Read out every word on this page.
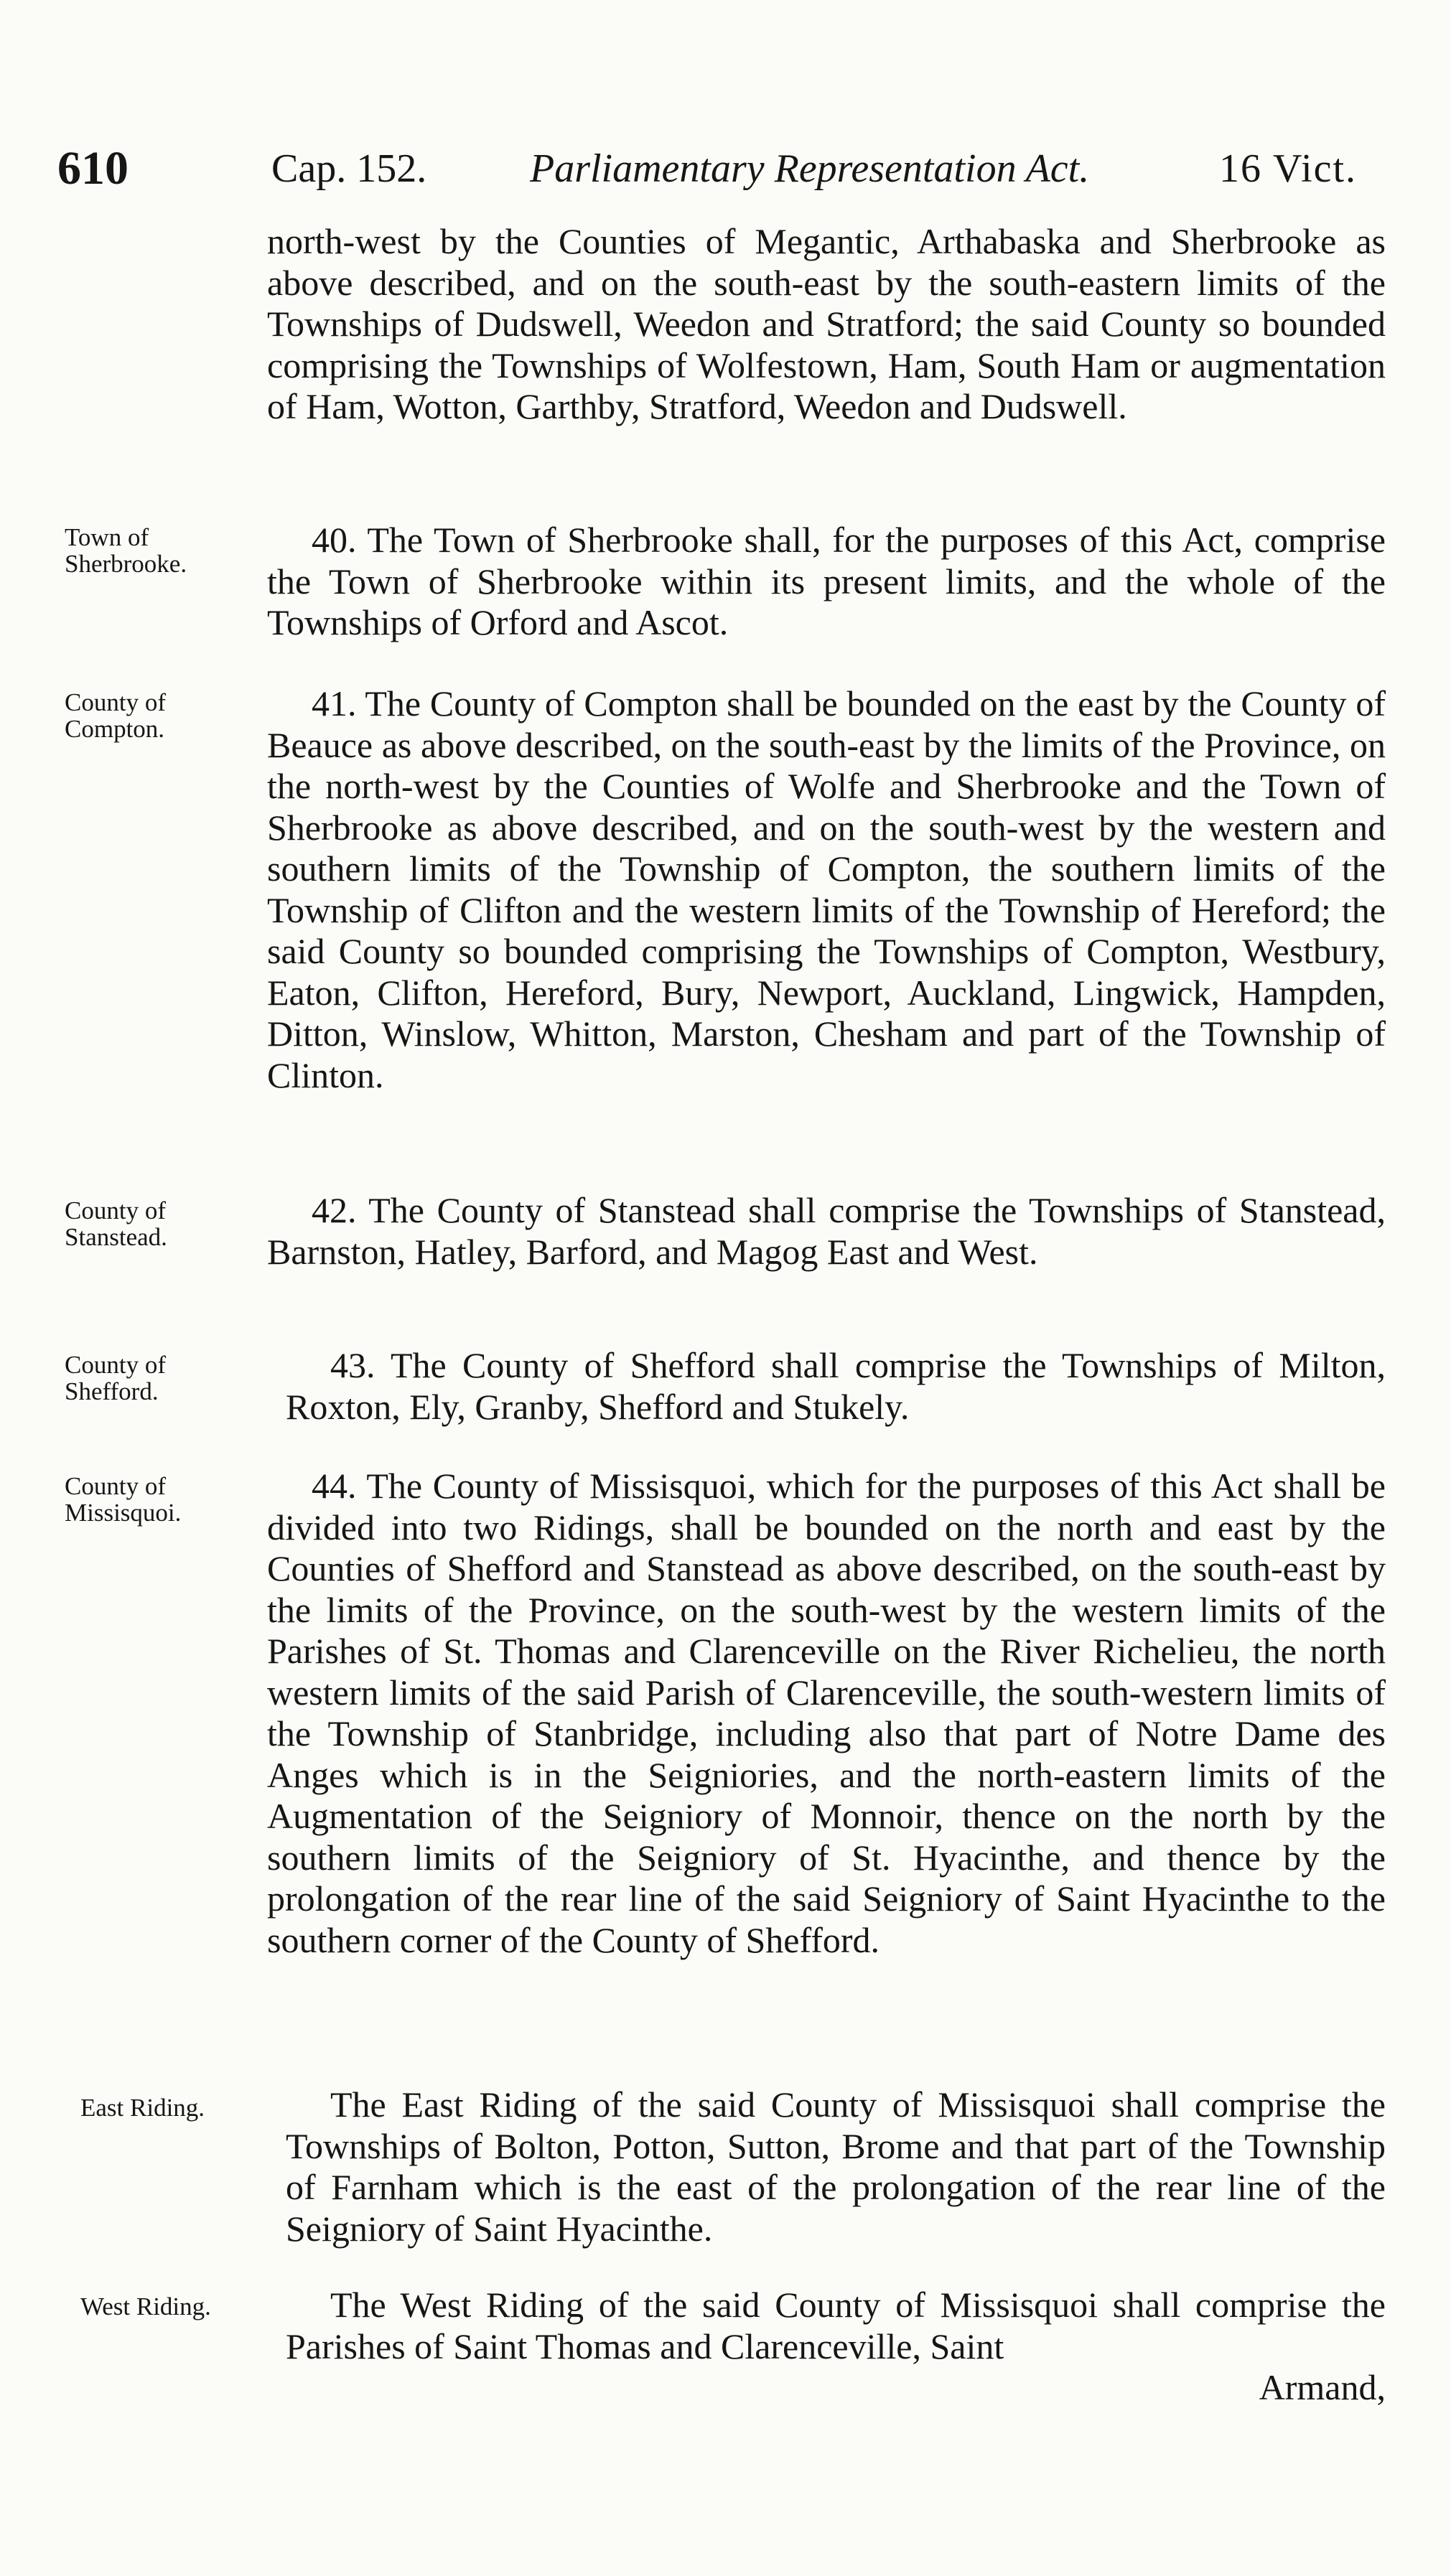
610	Cap. 152.	Parliamentary Representation Act.	16 Vict.

north-west by the Counties of Megantic, Arthabaska and Sherbrooke as above described, and on the south-east by the south-eastern limits of the Townships of Dudswell, Weedon and Stratford; the said County so bounded comprising the Townships of Wolfestown, Ham, South Ham or augmentation of Ham, Wotton, Garthby, Stratford, Weedon and Dudswell.

Town of
Sherbrooke.

40. The Town of Sherbrooke shall, for the purposes of this Act, comprise the Town of Sherbrooke within its present limits, and the whole of the Townships of Orford and Ascot.

County of
Compton.

41. The County of Compton shall be bounded on the east by the County of Beauce as above described, on the south-east by the limits of the Province, on the north-west by the Counties of Wolfe and Sherbrooke and the Town of Sherbrooke as above described, and on the south-west by the western and southern limits of the Township of Compton, the southern limits of the Township of Clifton and the western limits of the Township of Hereford; the said County so bounded comprising the Townships of Compton, Westbury, Eaton, Clifton, Hereford, Bury, Newport, Auckland, Lingwick, Hampden, Ditton, Winslow, Whitton, Marston, Chesham and part of the Township of Clinton.

County of
Stanstead.

42. The County of Stanstead shall comprise the Townships of Stanstead, Barnston, Hatley, Barford, and Magog East and West.

County of
Shefford.

43. The County of Shefford shall comprise the Townships of Milton, Roxton, Ely, Granby, Shefford and Stukely.

County of
Missisquoi.

44. The County of Missisquoi, which for the purposes of this Act shall be divided into two Ridings, shall be bounded on the north and east by the Counties of Shefford and Stanstead as above described, on the south-east by the limits of the Province, on the south-west by the western limits of the Parishes of St. Thomas and Clarenceville on the River Richelieu, the north western limits of the said Parish of Clarenceville, the south-western limits of the Township of Stanbridge, including also that part of Notre Dame des Anges which is in the Seigniories, and the north-eastern limits of the Augmentation of the Seigniory of Monnoir, thence on the north by the southern limits of the Seigniory of St. Hyacinthe, and thence by the prolongation of the rear line of the said Seigniory of Saint Hyacinthe to the southern corner of the County of Shefford.

East Riding.	The East Riding of the said County of Missisquoi shall comprise the Townships of Bolton, Potton, Sutton, Brome and that part of the Township of Farnham which is the east of the prolongation of the rear line of the Seigniory of Saint Hyacinthe.

West Riding.	The West Riding of the said County of Missisquoi shall comprise the Parishes of Saint Thomas and Clarenceville, Saint

Armand,
